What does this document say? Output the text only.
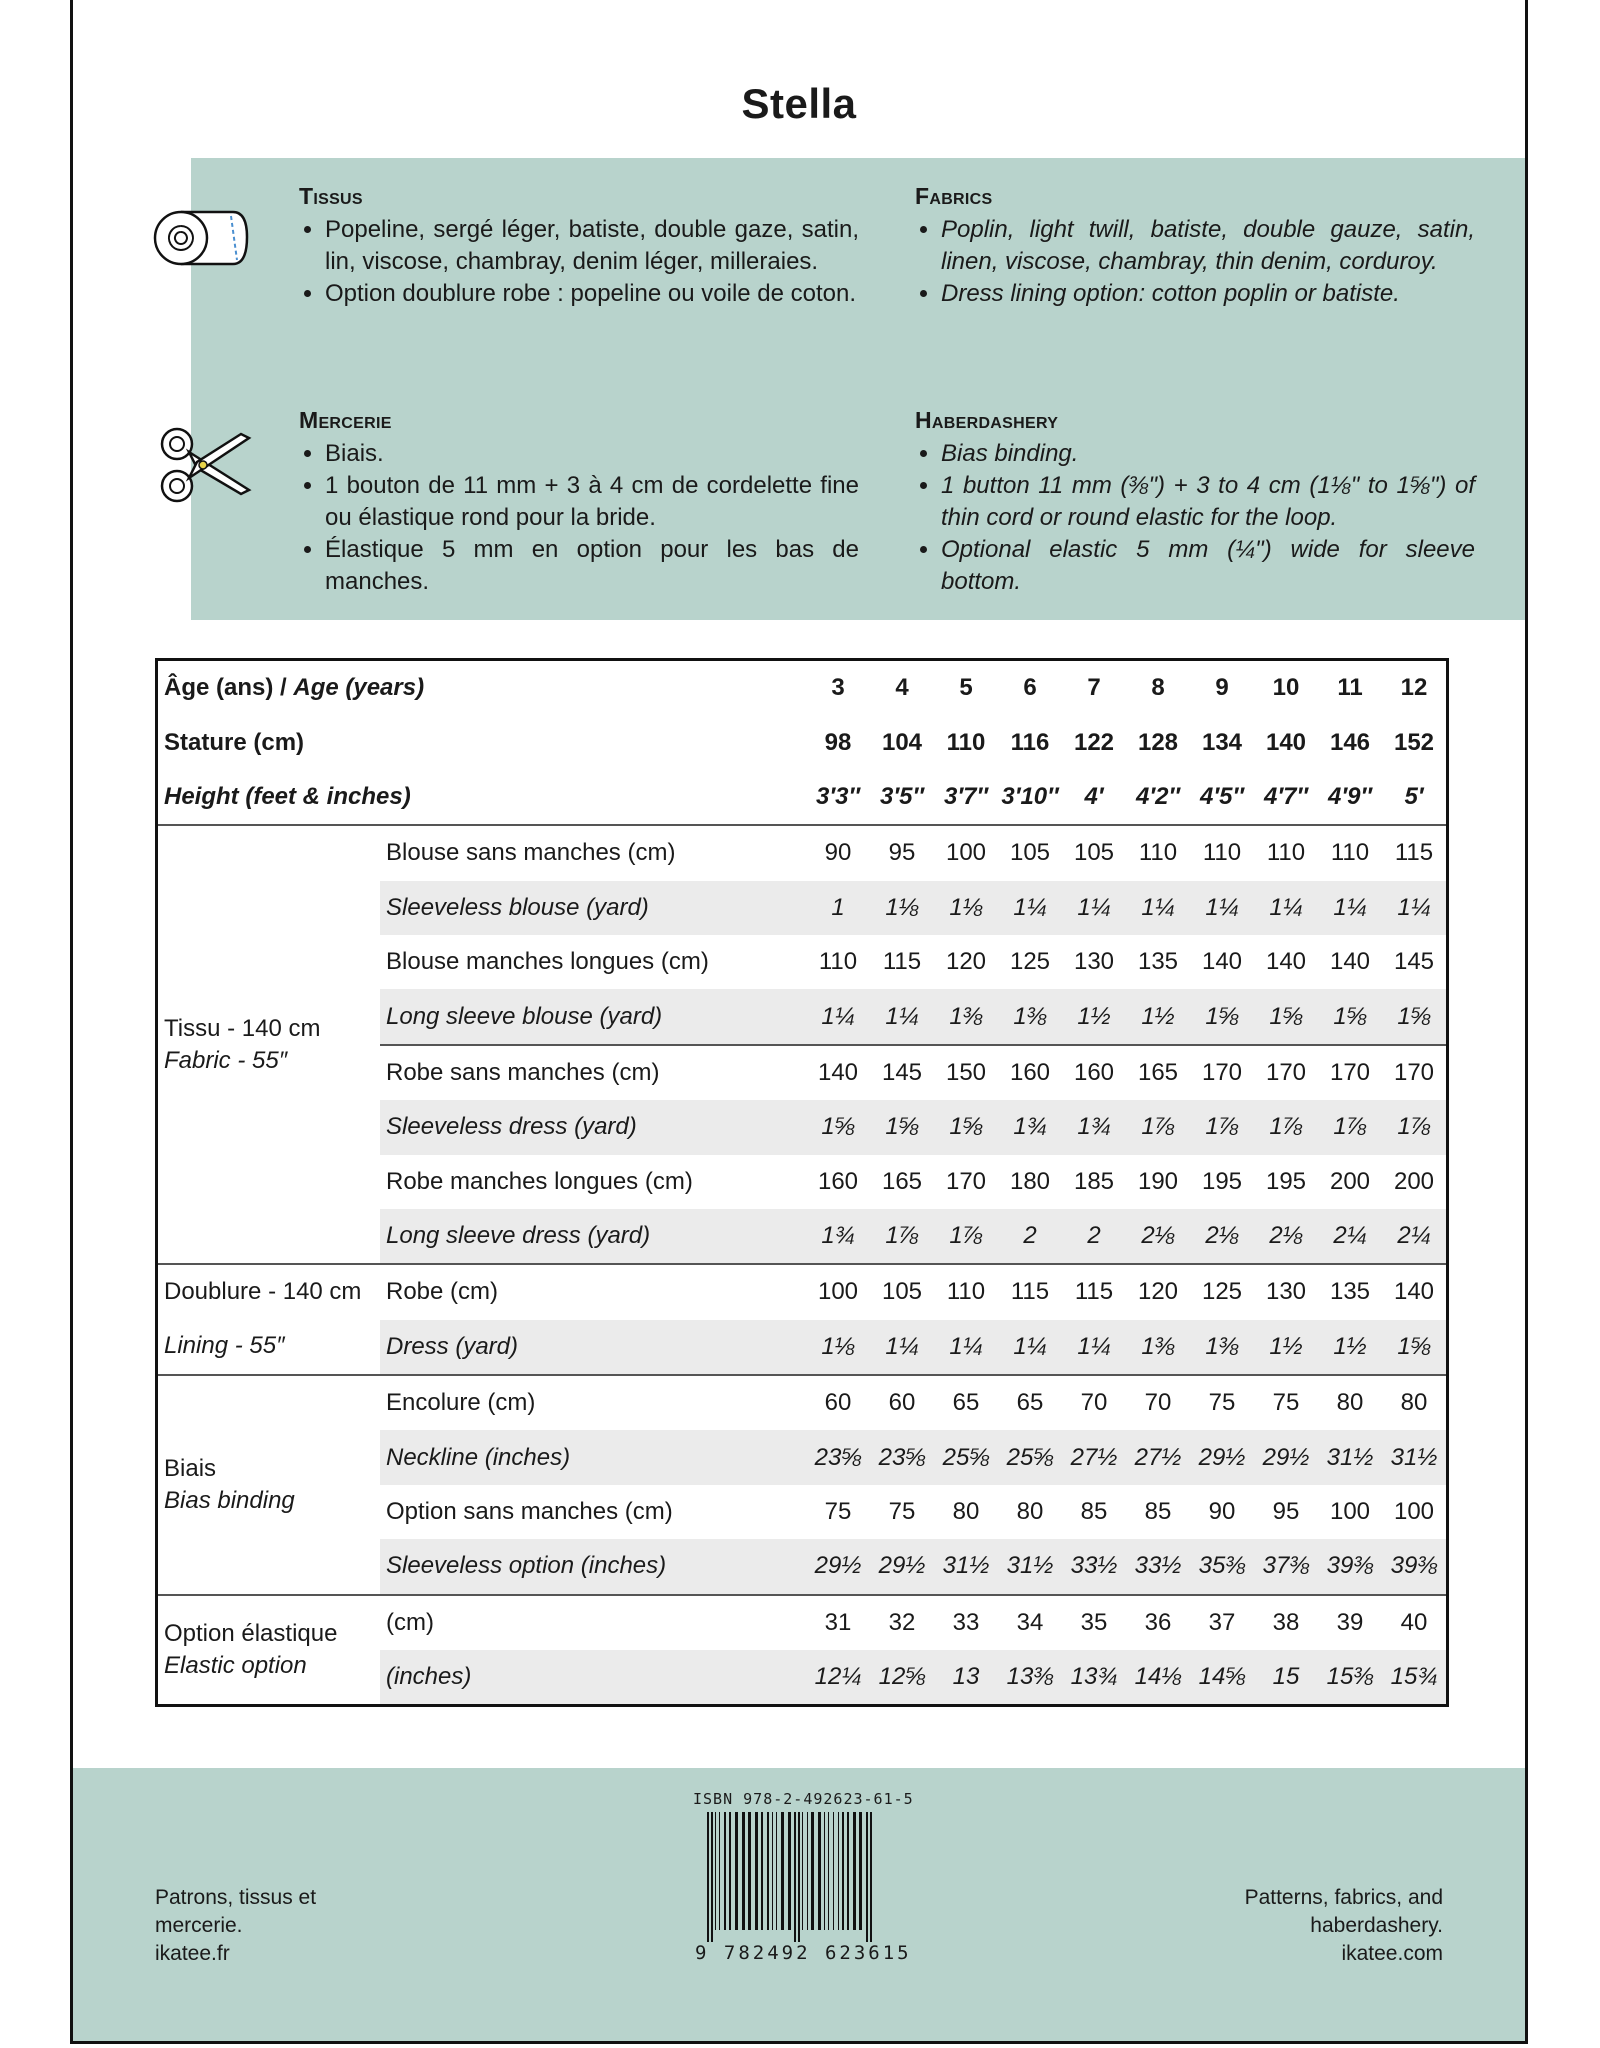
Stella
Tissus
• Popeline, sergé léger, batiste, double gaze, satin, lin, viscose, chambray, denim léger, milleraies.
• Option doublure robe : popeline ou voile de coton.
Fabrics
• Poplin, light twill, batiste, double gauze, satin, linen, viscose, chambray, thin denim, corduroy.
• Dress lining option: cotton poplin or batiste.
Mercerie
• Biais.
• 1 bouton de 11 mm + 3 à 4 cm de cordelette fine ou élastique rond pour la bride.
• Élastique 5 mm en option pour les bas de manches.
Haberdashery
• Bias binding.
• 1 button 11 mm (⅜") + 3 to 4 cm (1⅛" to 1⅝") of thin cord or round elastic for the loop.
• Optional elastic 5 mm (¼") wide for sleeve bottom.
Âge (ans) / Age (years)		3	4	5	6	7	8	9	10	11	12
Stature (cm)		98	104	110	116	122	128	134	140	146	152
Height (feet & inches)		3′3″	3′5″	3′7″	3′10″	4′	4′2″	4′5″	4′7″	4′9″	5′

Tissu - 140 cm
Fabric - 55″	Blouse sans manches (cm)	90	95	100	105	105	110	110	110	110	115
	Sleeveless blouse (yard)	1	1⅛	1⅛	1¼	1¼	1¼	1¼	1¼	1¼	1¼
	Blouse manches longues (cm)	110	115	120	125	130	135	140	140	140	145
	Long sleeve blouse (yard)	1¼	1¼	1⅜	1⅜	1½	1½	1⅝	1⅝	1⅝	1⅝
	Robe sans manches (cm)	140	145	150	160	160	165	170	170	170	170
	Sleeveless dress (yard)	1⅝	1⅝	1⅝	1¾	1¾	1⅞	1⅞	1⅞	1⅞	1⅞
	Robe manches longues (cm)	160	165	170	180	185	190	195	195	200	200
	Long sleeve dress (yard)	1¾	1⅞	1⅞	2	2	2⅛	2⅛	2⅛	2¼	2¼

Doublure - 140 cm
Lining - 55″	Robe (cm)	100	105	110	115	115	120	125	130	135	140
	Dress (yard)	1⅛	1¼	1¼	1¼	1¼	1⅜	1⅜	1½	1½	1⅝

Biais
Bias binding	Encolure (cm)	60	60	65	65	70	70	75	75	80	80
	Neckline (inches)	23⅝	23⅝	25⅝	25⅝	27½	27½	29½	29½	31½	31½
	Option sans manches (cm)	75	75	80	80	85	85	90	95	100	100
	Sleeveless option (inches)	29½	29½	31½	31½	33½	33½	35⅜	37⅜	39⅜	39⅜

Option élastique
Elastic option	(cm)	31	32	33	34	35	36	37	38	39	40
	(inches)	12¼	12⅝	13	13⅜	13¾	14⅛	14⅝	15	15⅜	15¾
Patrons, tissus et
mercerie.
ikatee.fr
Patterns, fabrics, and
haberdashery.
ikatee.com
ISBN 978-2-492623-61-5
9 782492 623615
